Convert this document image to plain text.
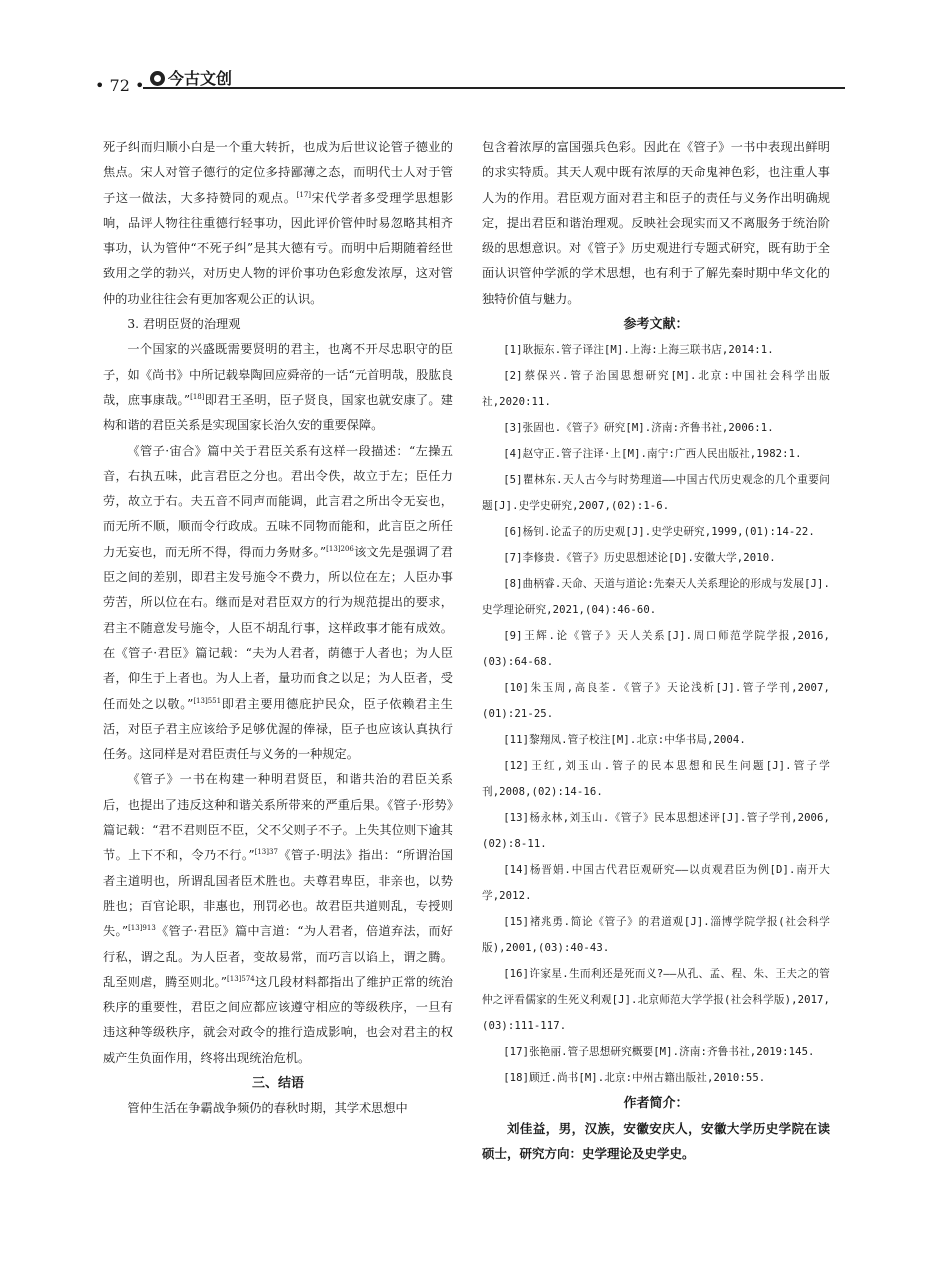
• 72 •	今古文创

死子纠而归顺小白是一个重大转折，也成为后世议论管子德业的焦点。宋人对管子德行的定位多持鄙薄之态，而明代士人对于管子这一做法，大多持赞同的观点。[17]宋代学者多受理学思想影响，品评人物往往重德行轻事功，因此评价管仲时易忽略其相齐事功，认为管仲“不死子纠”是其大德有亏。而明中后期随着经世致用之学的勃兴，对历史人物的评价事功色彩愈发浓厚，这对管仲的功业往往会有更加客观公正的认识。

3. 君明臣贤的治理观

一个国家的兴盛既需要贤明的君主，也离不开尽忠职守的臣子，如《尚书》中所记载皋陶回应舜帝的一话“元首明哉，股肱良哉，庶事康哉。”[18]即君王圣明，臣子贤良，国家也就安康了。建构和谐的君臣关系是实现国家长治久安的重要保障。

《管子·宙合》篇中关于君臣关系有这样一段描述：“左操五音，右执五味，此言君臣之分也。君出令佚，故立于左；臣任力劳，故立于右。夫五音不同声而能调，此言君之所出令无妄也，而无所不顺，顺而令行政成。五味不同物而能和，此言臣之所任力无妄也，而无所不得，得而力务财多。”$^{[13]206}$该文先是强调了君臣之间的差别，即君主发号施令不费力，所以位在左；人臣办事劳苦，所以位在右。继而是对君臣双方的行为规范提出的要求，君主不随意发号施令，人臣不胡乱行事，这样政事才能有成效。在《管子·君臣》篇记载：“夫为人君者，荫德于人者也；为人臣者，仰生于上者也。为人上者，量功而食之以足；为人臣者，受任而处之以敬。”$^{[13]551}$即君主要用德庇护民众，臣子依赖君主生活，对臣子君主应该给予足够优渥的俸禄，臣子也应该认真执行任务。这同样是对君臣责任与义务的一种规定。

《管子》一书在构建一种明君贤臣，和谐共治的君臣关系后，也提出了违反这种和谐关系所带来的严重后果。《管子·形势》篇记载：“君不君则臣不臣，父不父则子不子。上失其位则下逾其节。上下不和，令乃不行。”$^{[13]37}$《管子·明法》指出：“所谓治国者主道明也，所谓乱国者臣术胜也。夫尊君卑臣，非亲也，以势胜也；百官论职，非惠也，刑罚必也。故君臣共道则乱，专授则失。”$^{[13]913}$《管子·君臣》篇中言道：“为人君者，倍道弃法，而好行私，谓之乱。为人臣者，变故易常，而巧言以谄上，谓之腾。乱至则虐，腾至则北。”$^{[13]574}$这几段材料都指出了维护正常的统治秩序的重要性，君臣之间应都应该遵守相应的等级秩序，一旦有违这种等级秩序，就会对政令的推行造成影响，也会对君主的权威产生负面作用，终将出现统治危机。

三、结语

管仲生活在争霸战争频仍的春秋时期，其学术思想中

包含着浓厚的富国强兵色彩。因此在《管子》一书中表现出鲜明的求实特质。其天人观中既有浓厚的天命鬼神色彩，也注重人事人为的作用。君臣观方面对君主和臣子的责任与义务作出明确规定，提出君臣和谐治理观。反映社会现实而又不离服务于统治阶级的思想意识。对《管子》历史观进行专题式研究，既有助于全面认识管仲学派的学术思想，也有利于了解先秦时期中华文化的独特价值与魅力。

参考文献：
[1]耿振东.管子译注[M].上海:上海三联书店,2014:1.
[2]蔡保兴.管子治国思想研究[M].北京:中国社会科学出版社,2020:11.
[3]张固也.《管子》研究[M].济南:齐鲁书社,2006:1.
[4]赵守正.管子注译·上[M].南宁:广西人民出版社,1982:1.
[5]瞿林东.天人古今与时势理道——中国古代历史观念的几个重要问题[J].史学史研究,2007,(02):1-6.
[6]杨钊.论孟子的历史观[J].史学史研究,1999,(01):14-22.
[7]李修贵.《管子》历史思想述论[D].安徽大学,2010.
[8]曲柄睿.天命、天道与道论:先秦天人关系理论的形成与发展[J].史学理论研究,2021,(04):46-60.
[9]王辉.论《管子》天人关系[J].周口师范学院学报,2016,(03):64-68.
[10]朱玉周,高良荃.《管子》天论浅析[J].管子学刊,2007,(01):21-25.
[11]黎翔凤.管子校注[M].北京:中华书局,2004.
[12]王红,刘玉山.管子的民本思想和民生问题[J].管子学刊,2008,(02):14-16.
[13]杨永林,刘玉山.《管子》民本思想述评[J].管子学刊,2006,(02):8-11.
[14]杨晋娟.中国古代君臣观研究——以贞观君臣为例[D].南开大学,2012.
[15]褚兆勇.简论《管子》的君道观[J].淄博学院学报(社会科学版),2001,(03):40-43.
[16]许家星.生而利还是死而义?——从孔、孟、程、朱、王夫之的管仲之评看儒家的生死义利观[J].北京师范大学学报(社会科学版),2017,(03):111-117.
[17]张艳丽.管子思想研究概要[M].济南:齐鲁书社,2019:145.
[18]顾迁.尚书[M].北京:中州古籍出版社,2010:55.
作者简介：

刘佳益，男，汉族，安徽安庆人，安徽大学历史学院在读硕士，研究方向：史学理论及史学史。
